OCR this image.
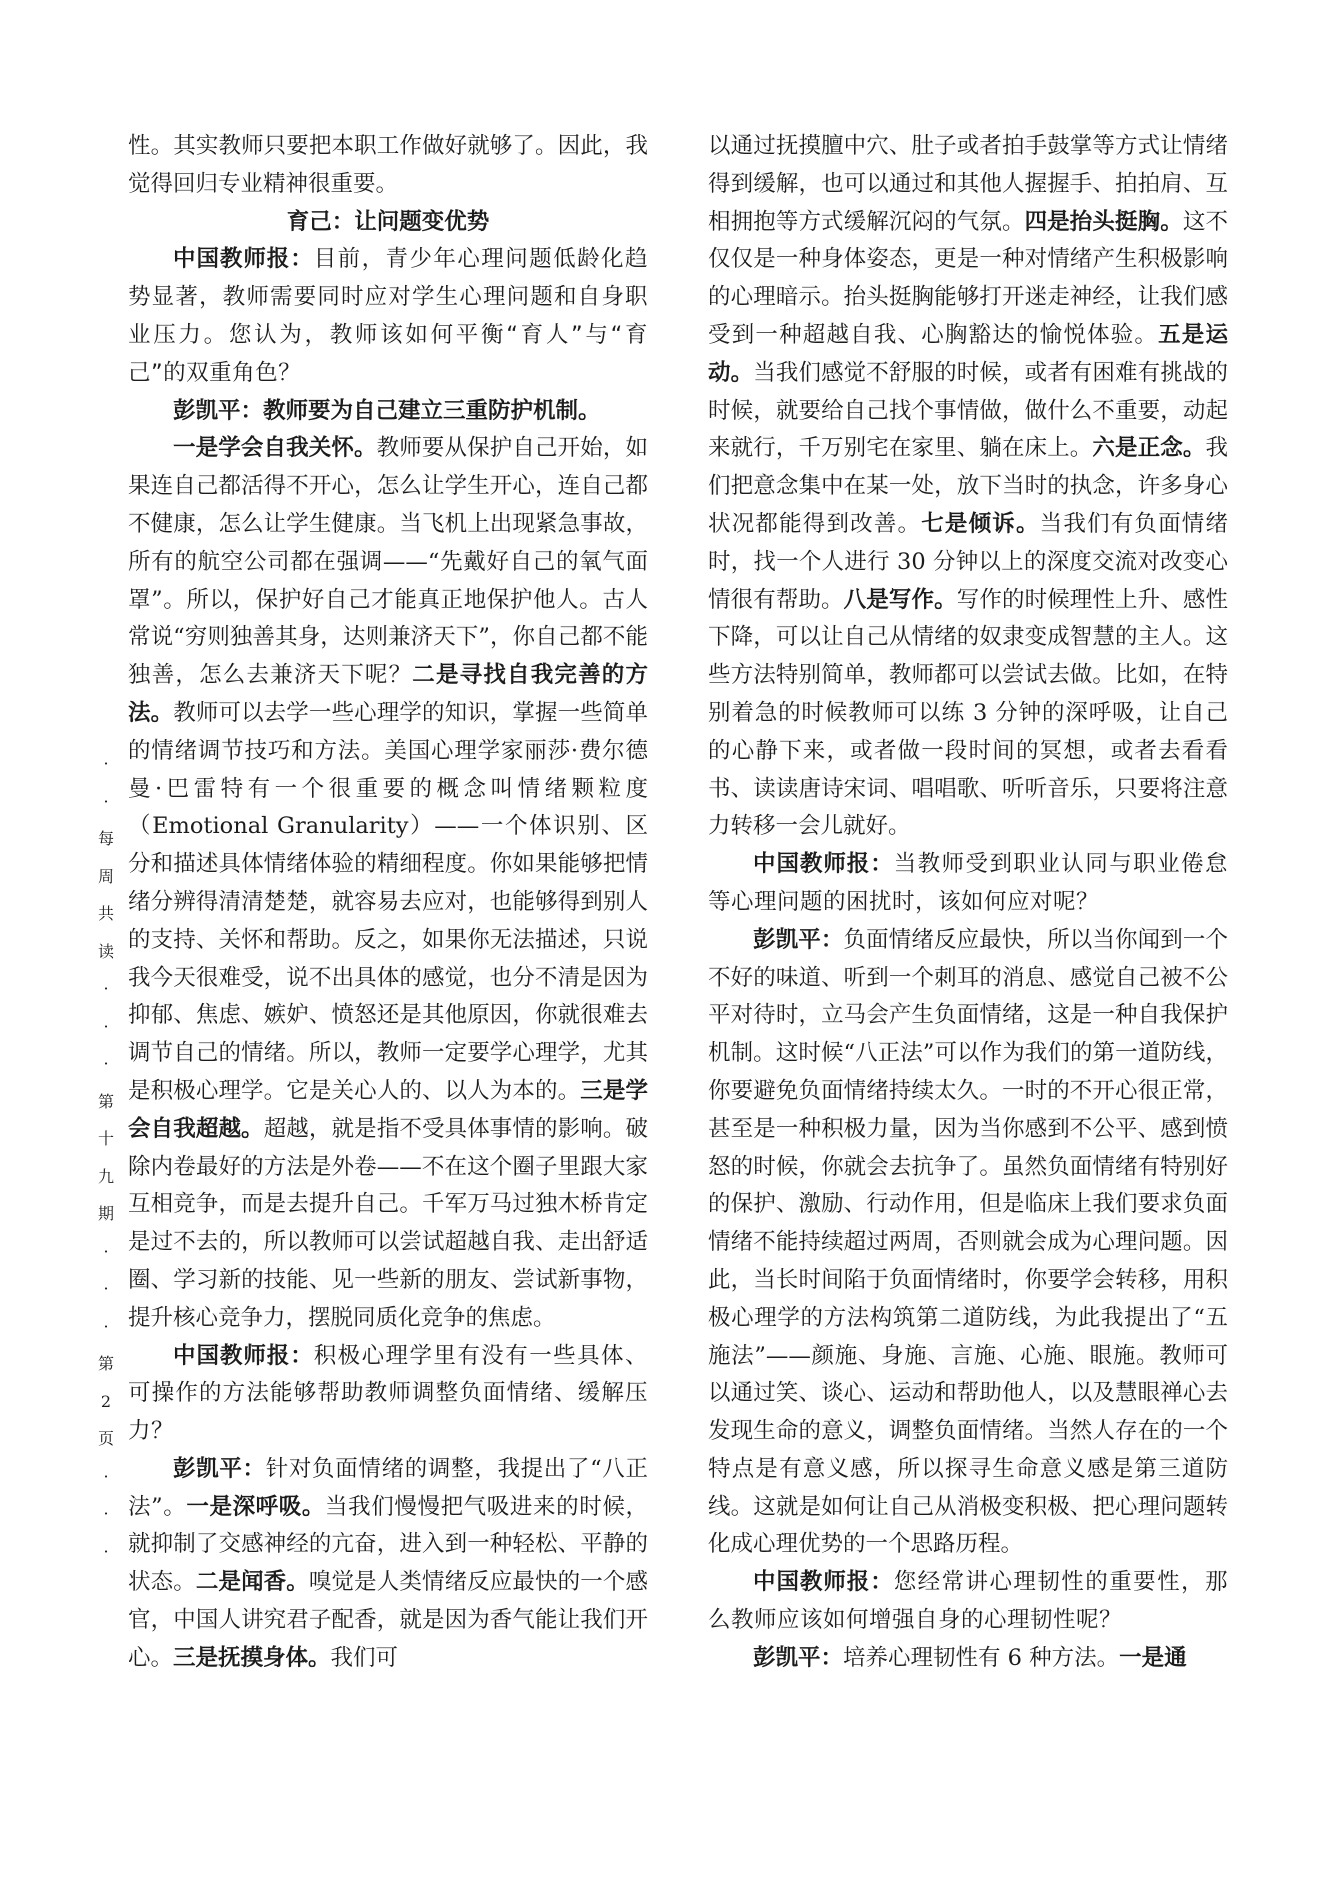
·
·
每
周
共
读
·
·
·
第
十
九
期
·
·
·
第
2
页
·
·
·

性。其实教师只要把本职工作做好就够了。因此，我觉得回归专业精神很重要。

育己：让问题变优势

中国教师报：目前，青少年心理问题低龄化趋势显著，教师需要同时应对学生心理问题和自身职业压力。您认为，教师该如何平衡“育人”与“育己”的双重角色？

彭凯平：教师要为自己建立三重防护机制。

一是学会自我关怀。教师要从保护自己开始，如果连自己都活得不开心，怎么让学生开心，连自己都不健康，怎么让学生健康。当飞机上出现紧急事故，所有的航空公司都在强调——“先戴好自己的氧气面罩”。所以，保护好自己才能真正地保护他人。古人常说“穷则独善其身，达则兼济天下”，你自己都不能独善，怎么去兼济天下呢？二是寻找自我完善的方法。教师可以去学一些心理学的知识，掌握一些简单的情绪调节技巧和方法。美国心理学家丽莎·费尔德曼·巴雷特有一个很重要的概念叫情绪颗粒度（Emotional Granularity）——一个体识别、区分和描述具体情绪体验的精细程度。你如果能够把情绪分辨得清清楚楚，就容易去应对，也能够得到别人的支持、关怀和帮助。反之，如果你无法描述，只说我今天很难受，说不出具体的感觉，也分不清是因为抑郁、焦虑、嫉妒、愤怒还是其他原因，你就很难去调节自己的情绪。所以，教师一定要学心理学，尤其是积极心理学。它是关心人的、以人为本的。三是学会自我超越。超越，就是指不受具体事情的影响。破除内卷最好的方法是外卷——不在这个圈子里跟大家互相竞争，而是去提升自己。千军万马过独木桥肯定是过不去的，所以教师可以尝试超越自我、走出舒适圈、学习新的技能、见一些新的朋友、尝试新事物，提升核心竞争力，摆脱同质化竞争的焦虑。

中国教师报：积极心理学里有没有一些具体、可操作的方法能够帮助教师调整负面情绪、缓解压力？

彭凯平：针对负面情绪的调整，我提出了“八正法”。一是深呼吸。当我们慢慢把气吸进来的时候，就抑制了交感神经的亢奋，进入到一种轻松、平静的状态。二是闻香。嗅觉是人类情绪反应最快的一个感官，中国人讲究君子配香，就是因为香气能让我们开心。三是抚摸身体。我们可

以通过抚摸膻中穴、肚子或者拍手鼓掌等方式让情绪得到缓解，也可以通过和其他人握握手、拍拍肩、互相拥抱等方式缓解沉闷的气氛。四是抬头挺胸。这不仅仅是一种身体姿态，更是一种对情绪产生积极影响的心理暗示。抬头挺胸能够打开迷走神经，让我们感受到一种超越自我、心胸豁达的愉悦体验。五是运动。当我们感觉不舒服的时候，或者有困难有挑战的时候，就要给自己找个事情做，做什么不重要，动起来就行，千万别宅在家里、躺在床上。六是正念。我们把意念集中在某一处，放下当时的执念，许多身心状况都能得到改善。七是倾诉。当我们有负面情绪时，找一个人进行 30 分钟以上的深度交流对改变心情很有帮助。八是写作。写作的时候理性上升、感性下降，可以让自己从情绪的奴隶变成智慧的主人。这些方法特别简单，教师都可以尝试去做。比如，在特别着急的时候教师可以练 3 分钟的深呼吸，让自己的心静下来，或者做一段时间的冥想，或者去看看书、读读唐诗宋词、唱唱歌、听听音乐，只要将注意力转移一会儿就好。

中国教师报：当教师受到职业认同与职业倦怠等心理问题的困扰时，该如何应对呢？

彭凯平：负面情绪反应最快，所以当你闻到一个不好的味道、听到一个刺耳的消息、感觉自己被不公平对待时，立马会产生负面情绪，这是一种自我保护机制。这时候“八正法”可以作为我们的第一道防线，你要避免负面情绪持续太久。一时的不开心很正常，甚至是一种积极力量，因为当你感到不公平、感到愤怒的时候，你就会去抗争了。虽然负面情绪有特别好的保护、激励、行动作用，但是临床上我们要求负面情绪不能持续超过两周，否则就会成为心理问题。因此，当长时间陷于负面情绪时，你要学会转移，用积极心理学的方法构筑第二道防线，为此我提出了“五施法”——颜施、身施、言施、心施、眼施。教师可以通过笑、谈心、运动和帮助他人，以及慧眼禅心去发现生命的意义，调整负面情绪。当然人存在的一个特点是有意义感，所以探寻生命意义感是第三道防线。这就是如何让自己从消极变积极、把心理问题转化成心理优势的一个思路历程。

中国教师报：您经常讲心理韧性的重要性，那么教师应该如何增强自身的心理韧性呢？

彭凯平：培养心理韧性有 6 种方法。一是通
